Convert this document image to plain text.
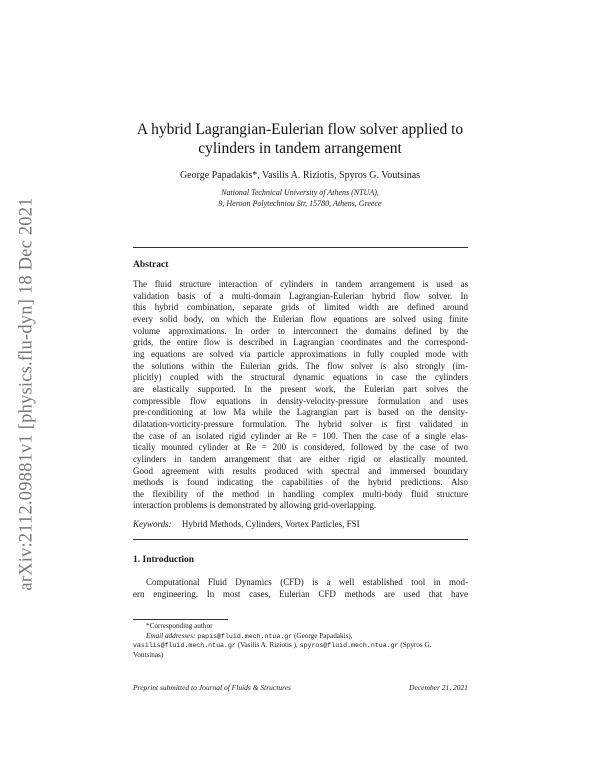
arXiv:2112.09881v1 [physics.flu-dyn] 18 Dec 2021
A hybrid Lagrangian-Eulerian flow solver applied to
cylinders in tandem arrangement
George Papadakis*, Vasilis A. Riziotis, Spyros G. Voutsinas
National Technical University of Athens (NTUA),
9, Heroon Polytechniou Str, 15780, Athens, Greece
Abstract
The fluid structure interaction of cylinders in tandem arrangement is used as
validation basis of a multi-domain Lagrangian-Eulerian hybrid flow solver. In
this hybrid combination, separate grids of limited width are defined around
every solid body, on which the Eulerian flow equations are solved using finite
volume approximations. In order to interconnect the domains defined by the
grids, the entire flow is described in Lagrangian coordinates and the correspond-
ing equations are solved via particle approximations in fully coupled mode with
the solutions within the Eulerian grids. The flow solver is also strongly (im-
plicitly) coupled with the structural dynamic equations in case the cylinders
are elastically supported. In the present work, the Eulerian part solves the
compressible flow equations in density-velocity-pressure formulation and uses
pre-conditioning at low Ma while the Lagrangian part is based on the density-
dilatation-vorticity-pressure formulation. The hybrid solver is first validated in
the case of an isolated rigid cylinder at Re = 100. Then the case of a single elas-
tically mounted cylinder at Re = 200 is considered, followed by the case of two
cylinders in tandem arrangement that are either rigid or elastically mounted.
Good agreement with results produced with spectral and immersed boundary
methods is found indicating the capabilities of the hybrid predictions. Also
the flexibility of the method in handling complex multi-body fluid structure
interaction problems is demonstrated by allowing grid-overlapping.
Keywords: Hybrid Methods, Cylinders, Vortex Particles, FSI
1. Introduction
Computational Fluid Dynamics (CFD) is a well established tool in mod-
ern engineering. In most cases, Eulerian CFD methods are used that have
*Corresponding author
Email addresses: papis@fluid.mech.ntua.gr (George Papadakis),
vasilis@fluid.mech.ntua.gr (Vasilis A. Riziotis ), spyros@fluid.mech.ntua.gr (Spyros G.
Voutsinas)
Preprint submitted to Journal of Fluids & Structures	December 21, 2021
